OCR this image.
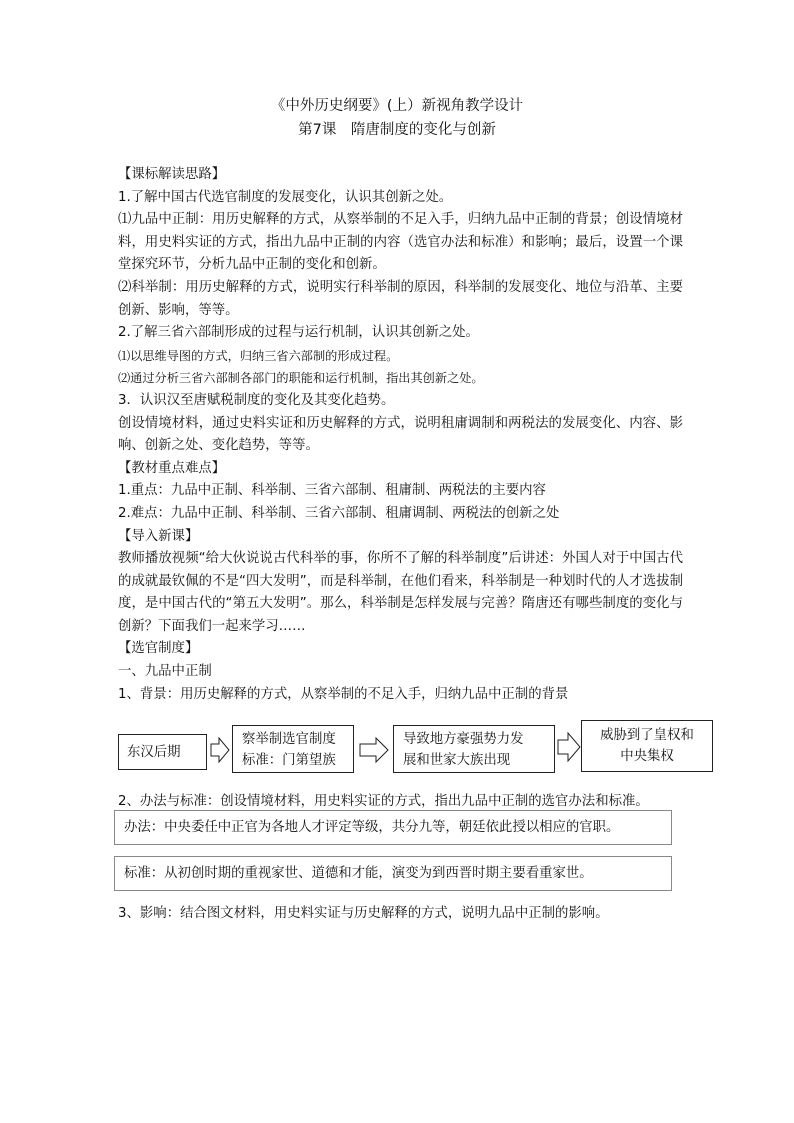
《中外历史纲要》(上）新视角教学设计
第7课　隋唐制度的变化与创新

【课标解读思路】

1.了解中国古代选官制度的发展变化，认识其创新之处。

⑴九品中正制：用历史解释的方式，从察举制的不足入手，归纳九品中正制的背景；创设情境材料，用史料实证的方式，指出九品中正制的内容（选官办法和标准）和影响；最后，设置一个课堂探究环节，分析九品中正制的变化和创新。

⑵科举制：用历史解释的方式，说明实行科举制的原因，科举制的发展变化、地位与沿革、主要创新、影响，等等。

2.了解三省六部制形成的过程与运行机制，认识其创新之处。

⑴以思维导图的方式，归纳三省六部制的形成过程。

⑵通过分析三省六部制各部门的职能和运行机制，指出其创新之处。

3．认识汉至唐赋税制度的变化及其变化趋势。

创设情境材料，通过史料实证和历史解释的方式，说明租庸调制和两税法的发展变化、内容、影响、创新之处、变化趋势，等等。

【教材重点难点】

1.重点：九品中正制、科举制、三省六部制、租庸制、两税法的主要内容

2.难点：九品中正制、科举制、三省六部制、租庸调制、两税法的创新之处

【导入新课】

教师播放视频“给大伙说说古代科举的事，你所不了解的科举制度”后讲述：外国人对于中国古代的成就最钦佩的不是“四大发明”，而是科举制，在他们看来，科举制是一种划时代的人才选拔制度，是中国古代的“第五大发明”。那么，科举制是怎样发展与完善？隋唐还有哪些制度的变化与创新？下面我们一起来学习……

【选官制度】

一、九品中正制

1、背景：用历史解释的方式，从察举制的不足入手，归纳九品中正制的背景

东汉后期
察举制选官制度
标准：门第望族
导致地方豪强势力发
展和世家大族出现
威胁到了皇权和
中央集权

2、办法与标准：创设情境材料，用史料实证的方式，指出九品中正制的选官办法和标准。

办法：中央委任中正官为各地人才评定等级，共分九等，朝廷依此授以相应的官职。
标准：从初创时期的重视家世、道德和才能，演变为到西晋时期主要看重家世。

3、影响：结合图文材料，用史料实证与历史解释的方式，说明九品中正制的影响。
